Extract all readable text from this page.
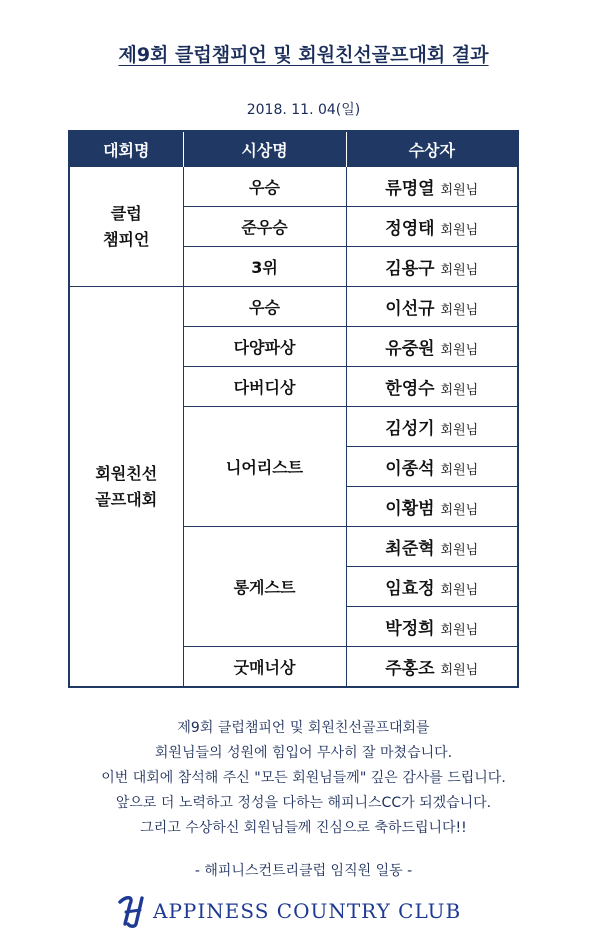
제9회 클럽챔피언 및 회원친선골프대회 결과
2018. 11. 04(일)
대회명	시상명	수상자

클럽
챔피언	우승	류명열 회원님
	준우승	정영태 회원님
	3위	김용구 회원님

회원친선
골프대회	우승	이선규 회원님
	다양파상	유중원 회원님
	다버디상	한영수 회원님
	니어리스트	김성기 회원님
		이종석 회원님
		이황범 회원님
	롱게스트	최준혁 회원님
		임효정 회원님
		박정희 회원님
	굿매너상	주홍조 회원님
제9회 클럽챔피언 및 회원친선골프대회를
회원님들의 성원에 힘입어 무사히 잘 마쳤습니다.
이번 대회에 참석해 주신 "모든 회원님들께" 깊은 감사를 드립니다.
앞으로 더 노력하고 정성을 다하는 해피니스CC가 되겠습니다.
그리고 수상하신 회원님들께 진심으로 축하드립니다!!
- 해피니스컨트리클럽 임직원 일동 -
APPINESS COUNTRY CLUB
